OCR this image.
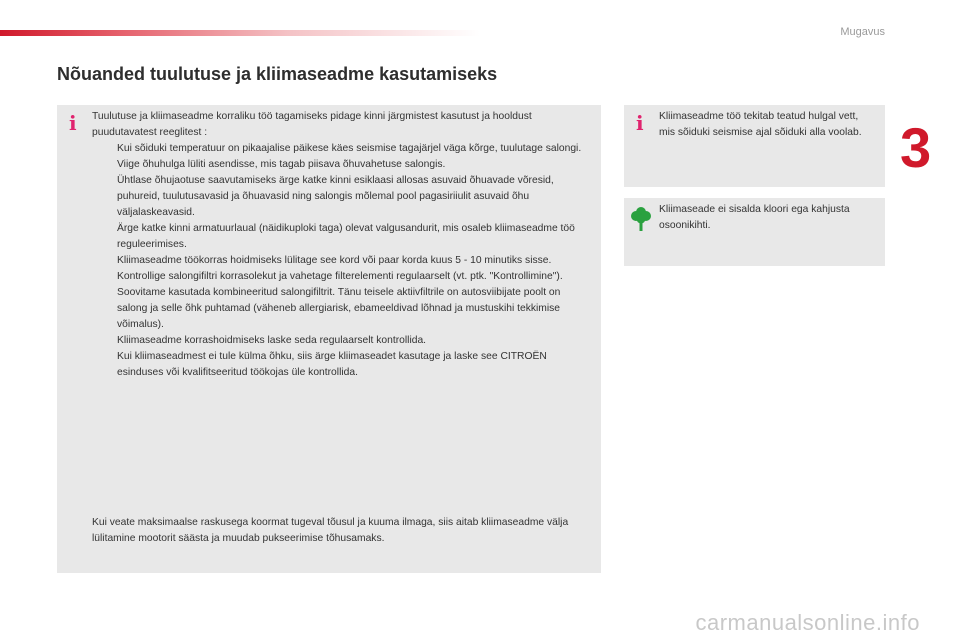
Mugavus
3
Nõuanded tuulutuse ja kliimaseadme kasutamiseks
i Tuulutuse ja kliimaseadme korraliku töö tagamiseks pidage kinni järgmistest kasutust ja hooldust puudutavatest reeglitest :

Kui sõiduki temperatuur on pikaajalise päikese käes seismise tagajärjel väga kõrge, tuulutage salongi.
Viige õhuhulga lüliti asendisse, mis tagab piisava õhuvahetuse salongis.
Ühtlase õhujaotuse saavutamiseks ärge katke kinni esiklaasi allosas asuvaid õhuavade võresid, puhureid, tuulutusavasid ja õhuavasid ning salongis mõlemal pool pagasiriiulit asuvaid õhu väljalaskeavasid.
Ärge katke kinni armatuurlaual (näidikuploki taga) olevat valgusandurit, mis osaleb kliimaseadme töö reguleerimises.
Kliimaseadme töökorras hoidmiseks lülitage see kord või paar korda kuus 5 - 10 minutiks sisse.
Kontrollige salongifiltri korrasolekut ja vahetage filterelementi regulaarselt (vt. ptk. "Kontrollimine").
Soovitame kasutada kombineeritud salongifiltrit. Tänu teisele aktiivfiltrile on autosviibijate poolt on salong ja selle õhk puhtamad (väheneb allergiarisk, ebameeldivad lõhnad ja mustuskihi tekkimise võimalus).
Kliimaseadme korrashoidmiseks laske seda regulaarselt kontrollida.
Kui kliimaseadmest ei tule külma õhku, siis ärge kliimaseadet kasutage ja laske see CITROËN esinduses või kvalifitseeritud töökojas üle kontrollida.

Kui veate maksimaalse raskusega koormat tugeval tõusul ja kuuma ilmaga, siis aitab kliimaseadme välja lülitamine mootorit säästa ja muudab pukseerimise tõhusamaks.

i Kliimaseadme töö tekitab teatud hulgal vett, mis sõiduki seismise ajal sõiduki alla voolab.

Kliimaseade ei sisalda kloori ega kahjusta osoonikihti.

carmanualsonline.info
